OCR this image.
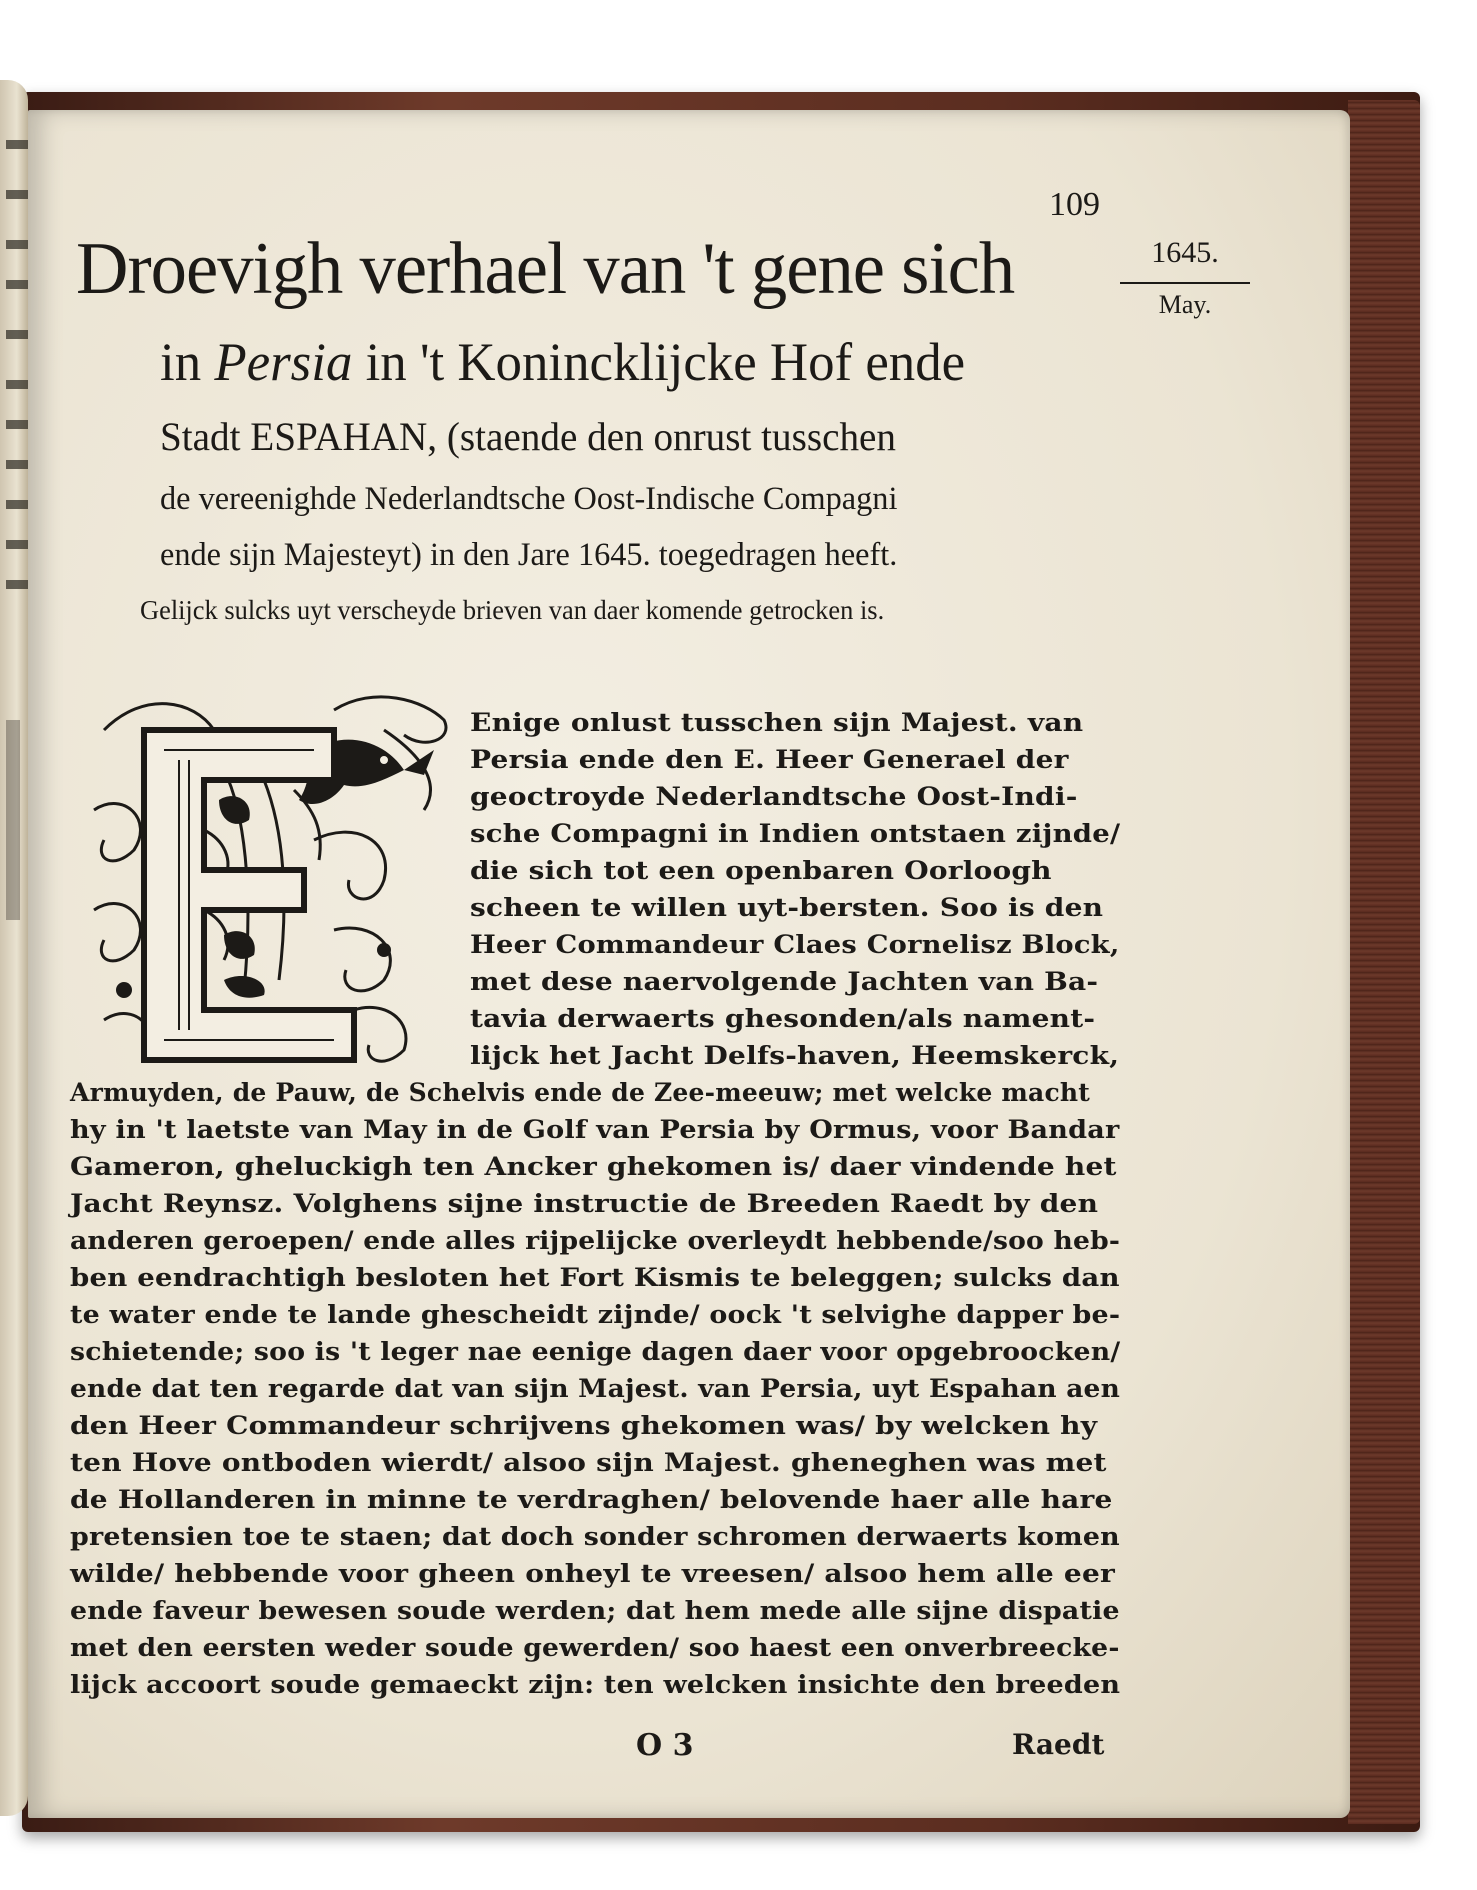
109
1645.
May.
Droevigh verhael van 't gene sich
in Persia in 't Konincklĳcke Hof ende
Stadt ESPAHAN, (staende den onrust tusschen
de vereenighde Nederlandtsche Oost-Indische Compagni
ende sĳn Majesteyt) in den Jare 1645. toegedragen heeft.
Gelĳck sulcks uyt verscheyde brieven van daer komende getrocken is.
Enige onlust tusschen sĳn Majest. van
Persia ende den E. Heer Generael der
geoctroyde Nederlandtsche Oost-Indi-
sche Compagni in Indien ontstaen zĳnde/
die sich tot een openbaren Oorloogh
scheen te willen uyt-bersten. Soo is den
Heer Commandeur Claes Cornelisz Block,
met dese naervolgende Jachten van Ba-
tavia derwaerts ghesonden/als nament-
lĳck het Jacht Delfs-haven, Heemskerck,
Armuyden, de Pauw, de Schelvis ende de Zee-meeuw; met welcke macht
hy in 't laetste van May in de Golf van Persia by Ormus, voor Bandar
Gameron, gheluckigh ten Ancker ghekomen is/ daer vindende het
Jacht Reynsz. Volghens sĳne instructie de Breeden Raedt by den
anderen geroepen/ ende alles rĳpelĳcke overleydt hebbende/soo heb-
ben eendrachtigh besloten het Fort Kismis te beleggen; sulcks dan
te water ende te lande ghescheidt zĳnde/ oock 't selvighe dapper be-
schietende; soo is 't leger nae eenige dagen daer voor opgebroocken/
ende dat ten regarde dat van sĳn Majest. van Persia, uyt Espahan aen
den Heer Commandeur schrĳvens ghekomen was/ by welcken hy
ten Hove ontboden wierdt/ alsoo sĳn Majest. gheneghen was met
de Hollanderen in minne te verdraghen/ belovende haer alle hare
pretensien toe te staen; dat doch sonder schromen derwaerts komen
wilde/ hebbende voor gheen onheyl te vreesen/ alsoo hem alle eer
ende faveur bewesen soude werden; dat hem mede alle sĳne dispatie
met den eersten weder soude gewerden/ soo haest een onverbreecke-
lĳck accoort soude gemaeckt zĳn: ten welcken insichte den breeden
O 3	Raedt
